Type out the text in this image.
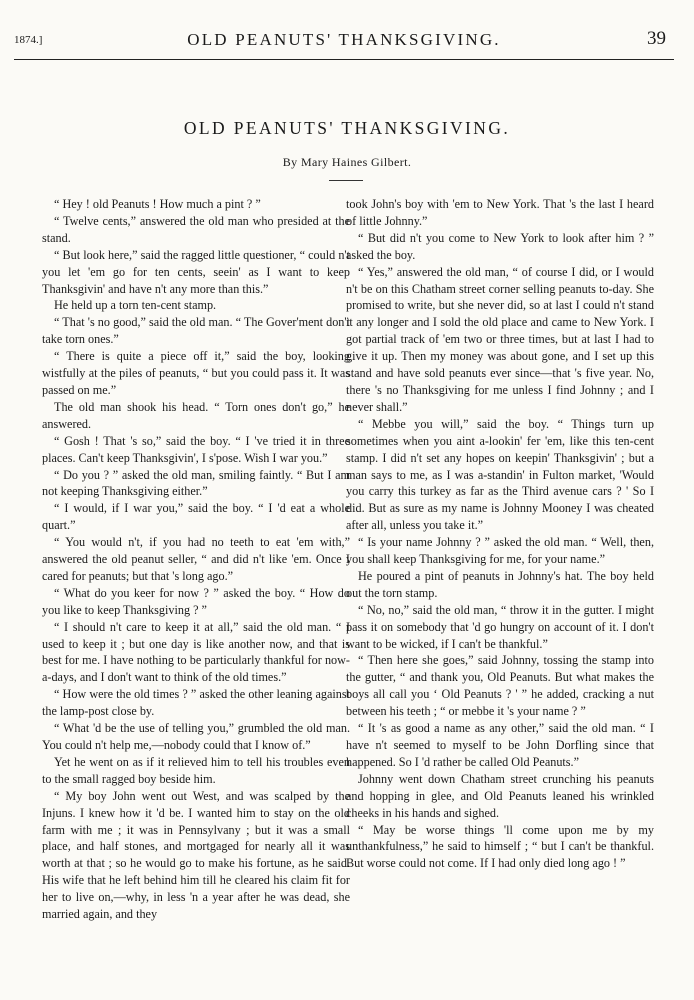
1874.]	OLD PEANUTS' THANKSGIVING.	39
OLD PEANUTS' THANKSGIVING.
By Mary Haines Gilbert.

“ Hey ! old Peanuts ! How much a pint ? ”

“ Twelve cents,” answered the old man who presided at the stand.

“ But look here,” said the ragged little questioner, “ could n't you let 'em go for ten cents, seein' as I want to keep Thanksgivin' and have n't any more than this.”

He held up a torn ten-cent stamp.

“ That 's no good,” said the old man. “ The Gover'ment don't take torn ones.”

“ There is quite a piece off it,” said the boy, looking wistfully at the piles of peanuts, “ but you could pass it. It was passed on me.”

The old man shook his head. “ Torn ones don't go,” he answered.

“ Gosh ! That 's so,” said the boy. “ I 've tried it in three places. Can't keep Thanksgivin', I s'pose. Wish I war you.”

“ Do you ? ” asked the old man, smiling faintly. “ But I am not keeping Thanksgiving either.”

“ I would, if I war you,” said the boy. “ I 'd eat a whole quart.”

“ You would n't, if you had no teeth to eat 'em with,” answered the old peanut seller, “ and did n't like 'em. Once I cared for peanuts; but that 's long ago.”

“ What do you keer for now ? ” asked the boy. “ How do you like to keep Thanksgiving ? ”

“ I should n't care to keep it at all,” said the old man. “ I used to keep it ; but one day is like another now, and that is best for me. I have nothing to be particularly thankful for now-a-days, and I don't want to think of the old times.”

“ How were the old times ? ” asked the other leaning against the lamp-post close by.

“ What 'd be the use of telling you,” grumbled the old man. You could n't help me,—nobody could that I know of.”

Yet he went on as if it relieved him to tell his troubles even to the small ragged boy beside him.

“ My boy John went out West, and was scalped by the Injuns. I knew how it 'd be. I wanted him to stay on the old farm with me ; it was in Pennsylvany ; but it was a small place, and half stones, and mortgaged for nearly all it was worth at that ; so he would go to make his fortune, as he said. His wife that he left behind him till he cleared his claim fit for her to live on,—why, in less 'n a year after he was dead, she married again, and they

took John's boy with 'em to New York. That 's the last I heard of little Johnny.”

“ But did n't you come to New York to look after him ? ” asked the boy.

“ Yes,” answered the old man, “ of course I did, or I would n't be on this Chatham street corner selling peanuts to-day. She promised to write, but she never did, so at last I could n't stand it any longer and I sold the old place and came to New York. I got partial track of 'em two or three times, but at last I had to give it up. Then my money was about gone, and I set up this stand and have sold peanuts ever since—that 's five year. No, there 's no Thanksgiving for me unless I find Johnny ; and I never shall.”

“ Mebbe you will,” said the boy. “ Things turn up sometimes when you aint a-lookin' fer 'em, like this ten-cent stamp. I did n't set any hopes on keepin' Thanksgivin' ; but a man says to me, as I was a-standin' in Fulton market, 'Would you carry this turkey as far as the Third avenue cars ? ' So I did. But as sure as my name is Johnny Mooney I was cheated after all, unless you take it.”

“ Is your name Johnny ? ” asked the old man. “ Well, then, you shall keep Thanksgiving for me, for your name.”

He poured a pint of peanuts in Johnny's hat. The boy held out the torn stamp.

“ No, no,” said the old man, “ throw it in the gutter. I might pass it on somebody that 'd go hungry on account of it. I don't want to be wicked, if I can't be thankful.”

“ Then here she goes,” said Johnny, tossing the stamp into the gutter, “ and thank you, Old Peanuts. But what makes the boys all call you ‘ Old Peanuts ? ' ” he added, cracking a nut between his teeth ; “ or mebbe it 's your name ? ”

“ It 's as good a name as any other,” said the old man. “ I have n't seemed to myself to be John Dorfling since that happened. So I 'd rather be called Old Peanuts.”

Johnny went down Chatham street crunching his peanuts and hopping in glee, and Old Peanuts leaned his wrinkled cheeks in his hands and sighed.

“ May be worse things 'll come upon me by my unthankfulness,” he said to himself ; “ but I can't be thankful. But worse could not come. If I had only died long ago ! ”
